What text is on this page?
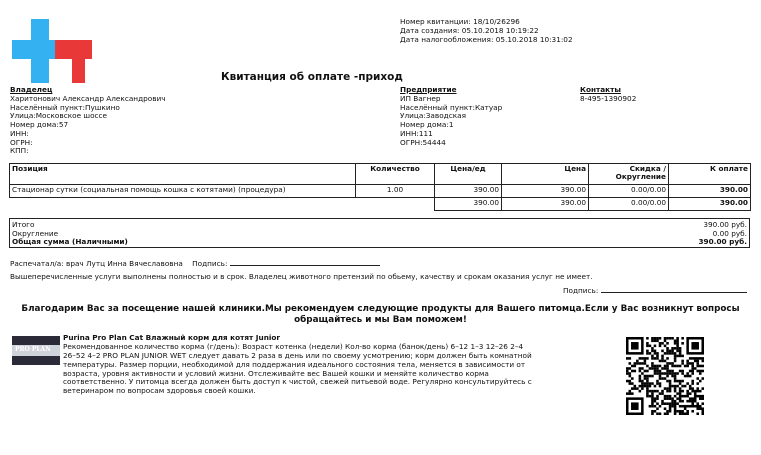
Номер квитанции: 18/10/26296
Дата создания: 05.10.2018 10:19:22
Дата налогообложения: 05.10.2018 10:31:02
Квитанция об оплате -приход
Владелец
Харитонович Александр Александрович
Населённый пункт:Пушкино
Улица:Московское шоссе
Номер дома:57
ИНН:
ОГРН:
КПП:
Предприятие
ИП Вагнер
Населённый пункт:Катуар
Улица:Заводская
Номер дома:1
ИНН:111
ОГРН:54444
Контакты
8-495-1390902
Позиция	Количество	Цена/ед	Цена	Скидка / Округление	К оплате
Стационар сутки (социальная помощь кошка с котятами) (процедура)	1.00	390.00	390.00	0.00/0.00	390.00
		390.00	390.00	0.00/0.00	390.00
Итого	390.00 руб.
Округление	0.00 руб.
Общая сумма (Наличными)	390.00 руб.
Распечатал/а: врач Лутц Инна Вячеславовна Подпись:
Вышеперечисленные услуги выполнены полностью и в срок. Владелец животного претензий по обьему, качеству и срокам оказания услуг не имеет.
Подпись:
Благодарим Вас за посещение нашей клиники.Мы рекомендуем следующие продукты для Вашего питомца.Если у Вас возникнут вопросы обращайтесь и мы Вам поможем!
PRO PLAN
Purina Pro Plan Cat Влажный корм для котят Junior
Рекомендованное количество корма (г/день): Возраст котенка (недели) Кол-во корма (банок/день) 6–12 1–3 12–26 2–4
26–52 4–2 PRO PLAN JUNIOR WET следует давать 2 раза в день или по своему усмотрению; корм должен быть комнатной
температуры. Размер порции, необходимой для поддержания идеального состояния тела, меняется в зависимости от
возраста, уровня активности и условий жизни. Отслеживайте вес Вашей кошки и меняйте количество корма
соответственно. У питомца всегда должен быть доступ к чистой, свежей питьевой воде. Регулярно консультируйтесь с
ветеринаром по вопросам здоровья своей кошки.
